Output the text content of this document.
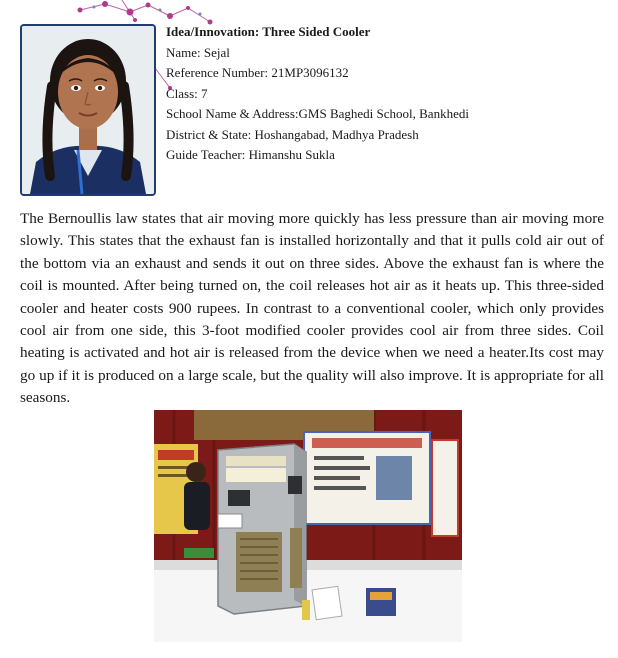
Idea/Innovation: Three Sided Cooler
Name: Sejal
Reference Number: 21MP3096132
Class: 7
School Name & Address:GMS Baghedi School, Bankhedi
District & State: Hoshangabad, Madhya Pradesh
Guide Teacher: Himanshu Sukla

The Bernoullis law states that air moving more quickly has less pressure than air moving more slowly. This states that the exhaust fan is installed horizontally and that it pulls cold air out of the bottom via an exhaust and sends it out on three sides. Above the exhaust fan is where the coil is mounted. After being turned on, the coil releases hot air as it heats up. This three-sided cooler and heater costs 900 rupees. In contrast to a conventional cooler, which only provides cool air from one side, this 3-foot modified cooler provides cool air from three sides. Coil heating is activated and hot air is released from the device when we need a heater.Its cost may go up if it is produced on a large scale, but the quality will also improve. It is appropriate for all seasons.
